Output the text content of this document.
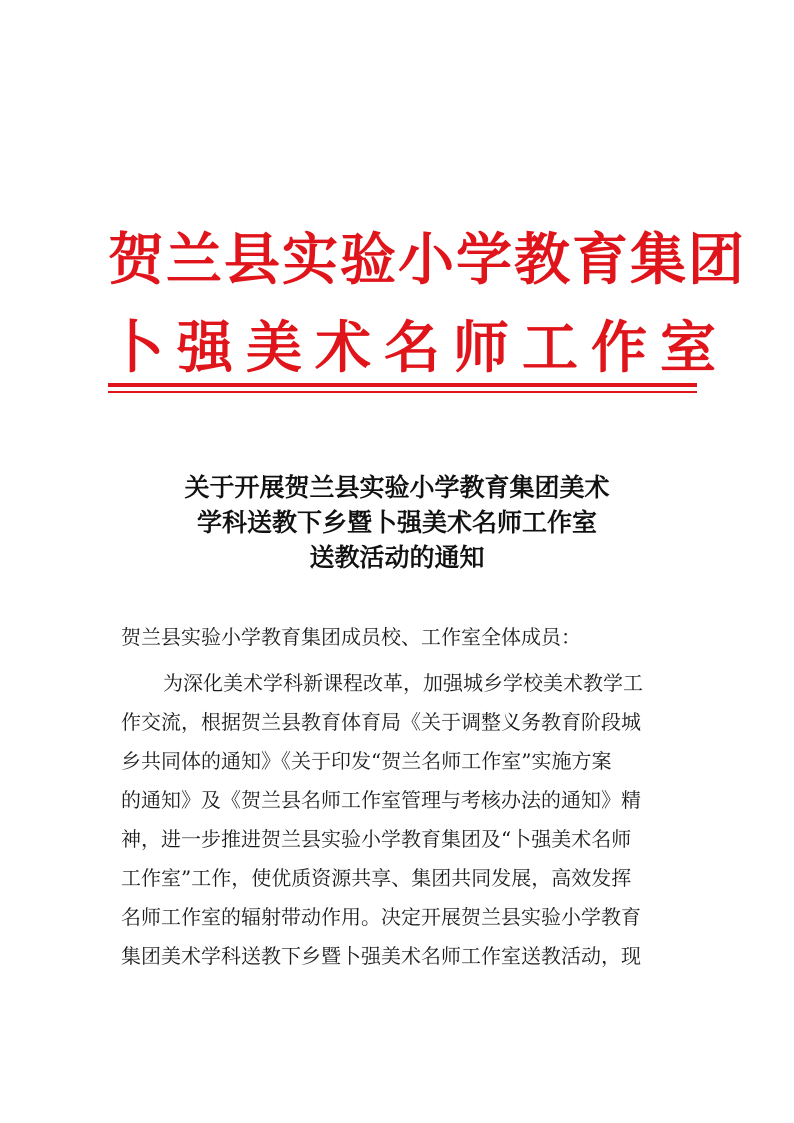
贺兰县实验小学教育集团
卜强美术名师工作室
关于开展贺兰县实验小学教育集团美术
学科送教下乡暨卜强美术名师工作室
送教活动的通知
贺兰县实验小学教育集团成员校、工作室全体成员：
为深化美术学科新课程改革，加强城乡学校美术教学工
作交流，根据贺兰县教育体育局《关于调整义务教育阶段城
乡共同体的通知》《关于印发“贺兰名师工作室”实施方案
的通知》及《贺兰县名师工作室管理与考核办法的通知》精
神，进一步推进贺兰县实验小学教育集团及“卜强美术名师
工作室”工作，使优质资源共享、集团共同发展，高效发挥
名师工作室的辐射带动作用。决定开展贺兰县实验小学教育
集团美术学科送教下乡暨卜强美术名师工作室送教活动，现
